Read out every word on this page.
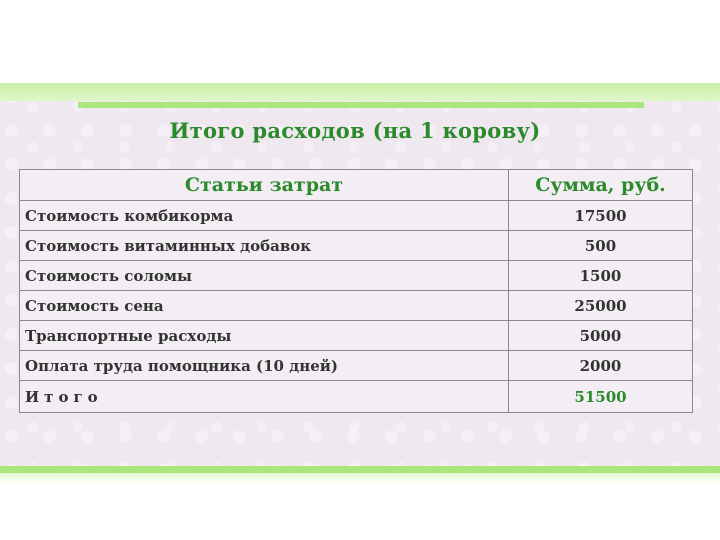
Итого расходов (на 1 корову)
Статьи затрат	Сумма, руб.
Стоимость комбикорма	17500
Стоимость витаминных добавок	500
Стоимость соломы	1500
Стоимость сена	25000
Транспортные расходы	5000
Оплата труда помощника (10 дней)	2000
Итого	51500
